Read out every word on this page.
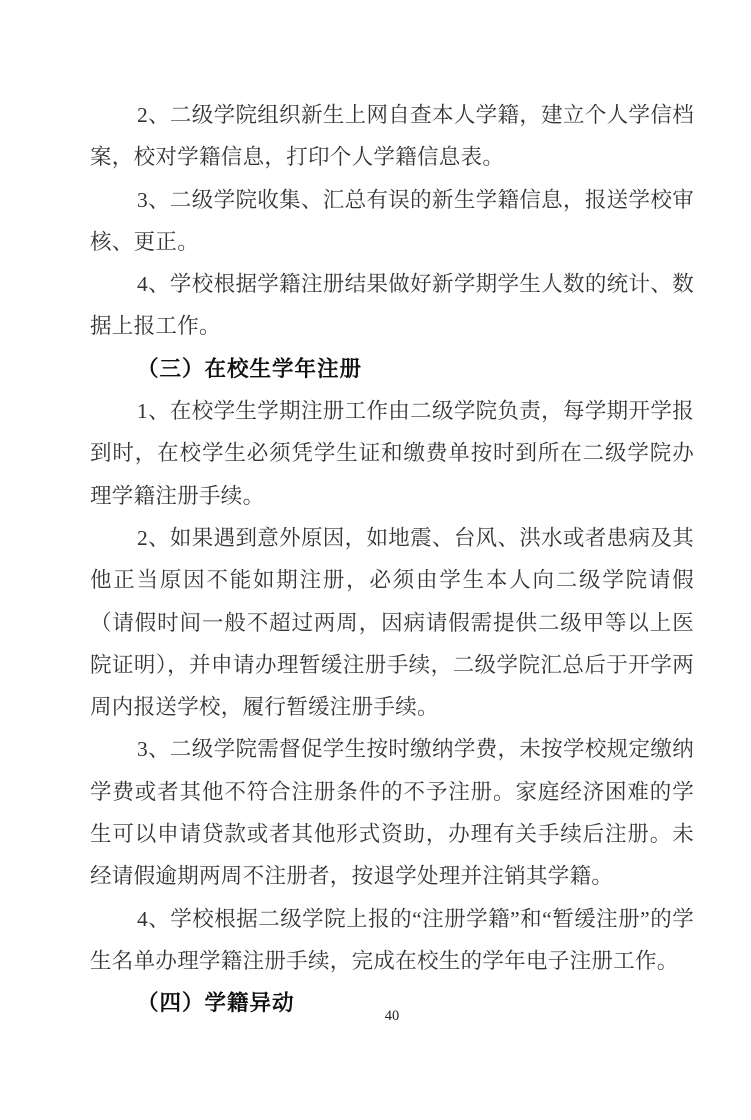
2、二级学院组织新生上网自查本人学籍，建立个人学信档案，校对学籍信息，打印个人学籍信息表。

3、二级学院收集、汇总有误的新生学籍信息，报送学校审核、更正。

4、学校根据学籍注册结果做好新学期学生人数的统计、数据上报工作。

（三）在校生学年注册

1、在校学生学期注册工作由二级学院负责，每学期开学报到时，在校学生必须凭学生证和缴费单按时到所在二级学院办理学籍注册手续。

2、如果遇到意外原因，如地震、台风、洪水或者患病及其他正当原因不能如期注册，必须由学生本人向二级学院请假（请假时间一般不超过两周，因病请假需提供二级甲等以上医院证明），并申请办理暂缓注册手续，二级学院汇总后于开学两周内报送学校，履行暂缓注册手续。

3、二级学院需督促学生按时缴纳学费，未按学校规定缴纳学费或者其他不符合注册条件的不予注册。家庭经济困难的学生可以申请贷款或者其他形式资助，办理有关手续后注册。未经请假逾期两周不注册者，按退学处理并注销其学籍。

4、学校根据二级学院上报的“注册学籍”和“暂缓注册”的学生名单办理学籍注册手续，完成在校生的学年电子注册工作。

（四）学籍异动

40
